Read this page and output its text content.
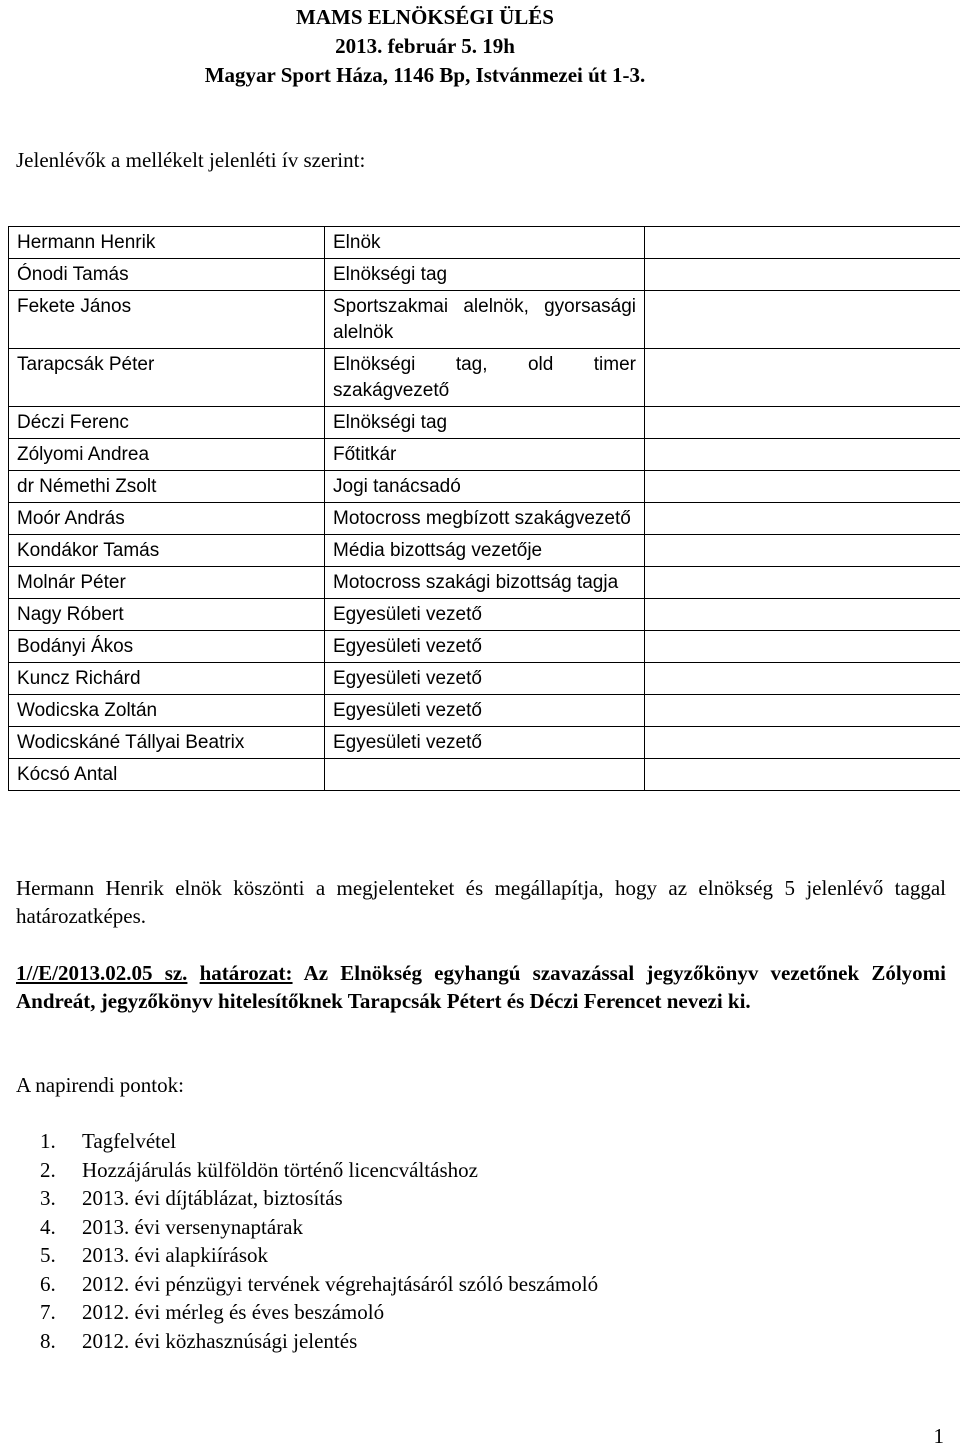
MAMS ELNÖKSÉGI ÜLÉS
2013. február 5. 19h
Magyar Sport Háza, 1146 Bp, Istvánmezei út 1-3.
Jelenlévők a mellékelt jelenléti ív szerint:
Hermann Henrik	Elnök	
Ónodi Tamás	Elnökségi tag	
Fekete János	Sportszakmai alelnök, gyorsasági alelnök	
Tarapcsák Péter	Elnökségi tag, old timer szakágvezető	
Déczi Ferenc	Elnökségi tag	
Zólyomi Andrea	Főtitkár	
dr Némethi Zsolt	Jogi tanácsadó	
Moór András	Motocross megbízott szakágvezető	
Kondákor Tamás	Média bizottság vezetője	
Molnár Péter	Motocross szakági bizottság tagja	
Nagy Róbert	Egyesületi vezető	
Bodányi Ákos	Egyesületi vezető	
Kuncz Richárd	Egyesületi vezető	
Wodicska Zoltán	Egyesületi vezető	
Wodicskáné Tállyai Beatrix	Egyesületi vezető	
Kócsó Antal		
Hermann Henrik elnök köszönti a megjelenteket és megállapítja, hogy az elnökség 5 jelenlévő taggal határozatképes.
1//E/2013.02.05 sz. határozat: Az Elnökség egyhangú szavazással jegyzőkönyv vezetőnek Zólyomi Andreát, jegyzőkönyv hitelesítőknek Tarapcsák Pétert és Déczi Ferencet nevezi ki.
A napirendi pontok:
1.	Tagfelvétel
2.	Hozzájárulás külföldön történő licencváltáshoz
3.	2013. évi díjtáblázat, biztosítás
4.	2013. évi versenynaptárak
5.	2013. évi alapkiírások
6.	2012. évi pénzügyi tervének végrehajtásáról szóló beszámoló
7.	2012. évi mérleg és éves beszámoló
8.	2012. évi közhasznúsági jelentés
1
